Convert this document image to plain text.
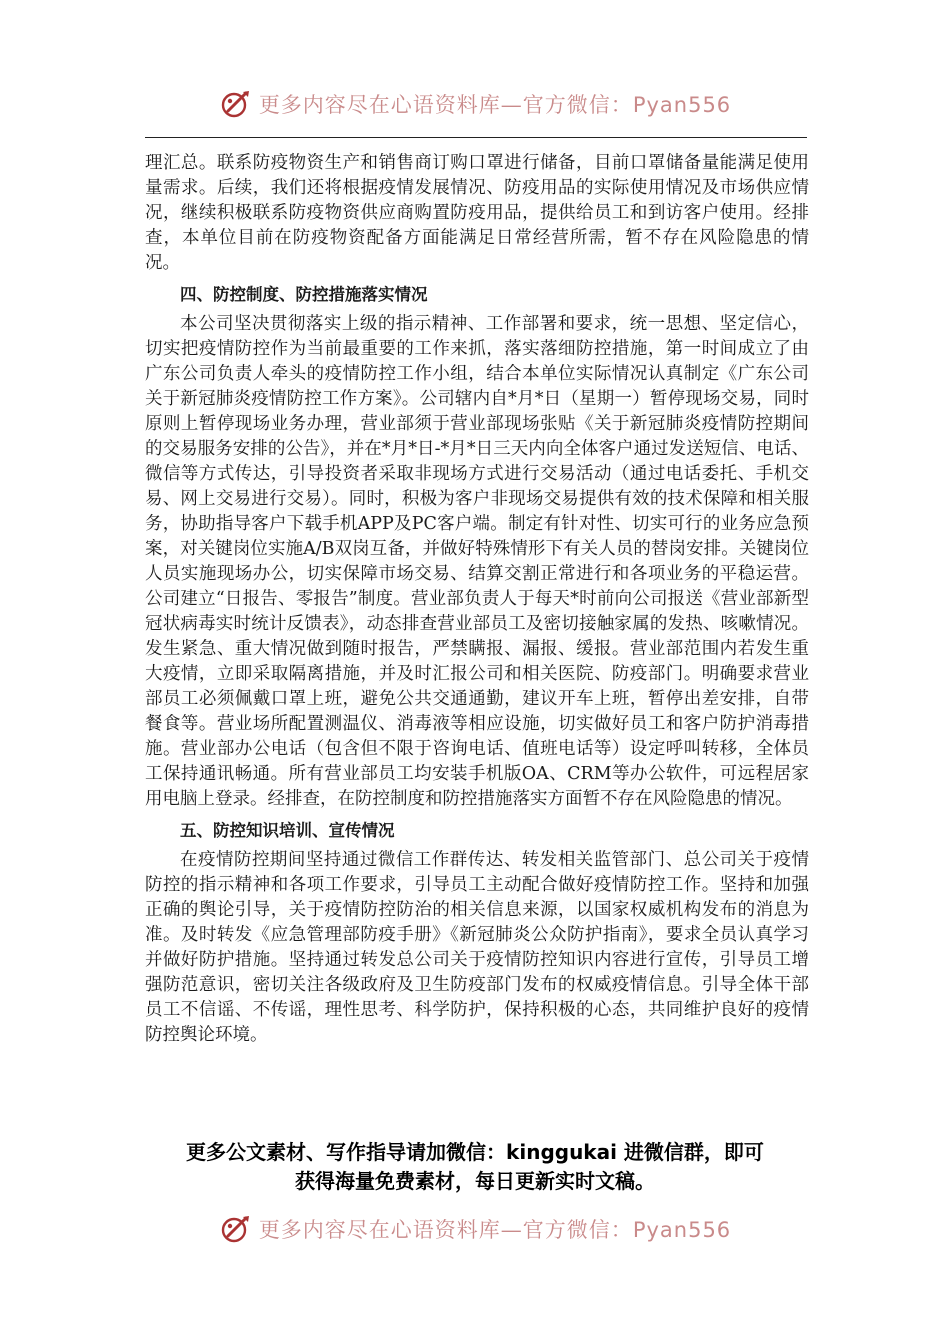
更多内容尽在心语资料库—官方微信：Pyan556

理汇总。联系防疫物资生产和销售商订购口罩进行储备，目前口罩储备量能满足使用量需求。后续，我们还将根据疫情发展情况、防疫用品的实际使用情况及市场供应情况，继续积极联系防疫物资供应商购置防疫用品，提供给员工和到访客户使用。经排查，本单位目前在防疫物资配备方面能满足日常经营所需，暂不存在风险隐患的情况。

四、防控制度、防控措施落实情况

本公司坚决贯彻落实上级的指示精神、工作部署和要求，统一思想、坚定信心，切实把疫情防控作为当前最重要的工作来抓，落实落细防控措施，第一时间成立了由广东公司负责人牵头的疫情防控工作小组，结合本单位实际情况认真制定《广东公司关于新冠肺炎疫情防控工作方案》。公司辖内自*月*日（星期一）暂停现场交易，同时原则上暂停现场业务办理，营业部须于营业部现场张贴《关于新冠肺炎疫情防控期间的交易服务安排的公告》，并在*月*日-*月*日三天内向全体客户通过发送短信、电话、微信等方式传达，引导投资者采取非现场方式进行交易活动（通过电话委托、手机交易、网上交易进行交易）。同时，积极为客户非现场交易提供有效的技术保障和相关服务，协助指导客户下载手机APP及PC客户端。制定有针对性、切实可行的业务应急预案，对关键岗位实施A/B双岗互备，并做好特殊情形下有关人员的替岗安排。关键岗位人员实施现场办公，切实保障市场交易、结算交割正常进行和各项业务的平稳运营。公司建立“日报告、零报告”制度。营业部负责人于每天*时前向公司报送《营业部新型冠状病毒实时统计反馈表》，动态排查营业部员工及密切接触家属的发热、咳嗽情况。发生紧急、重大情况做到随时报告，严禁瞒报、漏报、缓报。营业部范围内若发生重大疫情，立即采取隔离措施，并及时汇报公司和相关医院、防疫部门。明确要求营业部员工必须佩戴口罩上班，避免公共交通通勤，建议开车上班，暂停出差安排，自带餐食等。营业场所配置测温仪、消毒液等相应设施，切实做好员工和客户防护消毒措施。营业部办公电话（包含但不限于咨询电话、值班电话等）设定呼叫转移，全体员工保持通讯畅通。所有营业部员工均安装手机版OA、CRM等办公软件，可远程居家用电脑上登录。经排查，在防控制度和防控措施落实方面暂不存在风险隐患的情况。

五、防控知识培训、宣传情况

在疫情防控期间坚持通过微信工作群传达、转发相关监管部门、总公司关于疫情防控的指示精神和各项工作要求，引导员工主动配合做好疫情防控工作。坚持和加强正确的舆论引导，关于疫情防控防治的相关信息来源，以国家权威机构发布的消息为准。及时转发《应急管理部防疫手册》《新冠肺炎公众防护指南》，要求全员认真学习并做好防护措施。坚持通过转发总公司关于疫情防控知识内容进行宣传，引导员工增强防范意识，密切关注各级政府及卫生防疫部门发布的权威疫情信息。引导全体干部员工不信谣、不传谣，理性思考、科学防护，保持积极的心态，共同维护良好的疫情防控舆论环境。

更多公文素材、写作指导请加微信：kinggukai 进微信群，即可
获得海量免费素材，每日更新实时文稿。
更多内容尽在心语资料库—官方微信：Pyan556
